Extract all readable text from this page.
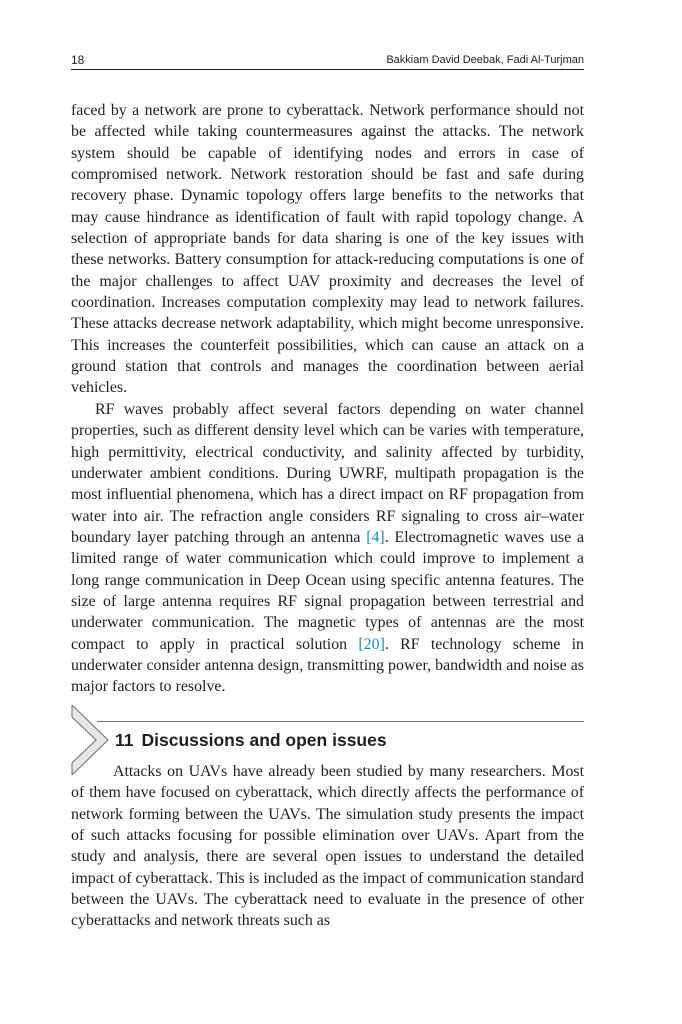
18	Bakkiam David Deebak, Fadi Al-Turjman

faced by a network are prone to cyberattack. Network performance should not be affected while taking countermeasures against the attacks. The network system should be capable of identifying nodes and errors in case of compromised network. Network restoration should be fast and safe during recovery phase. Dynamic topology offers large benefits to the networks that may cause hindrance as identification of fault with rapid topology change. A selection of appropriate bands for data sharing is one of the key issues with these networks. Battery consumption for attack-reducing computations is one of the major challenges to affect UAV proximity and decreases the level of coordination. Increases computation complexity may lead to network failures. These attacks decrease network adaptability, which might become unresponsive. This increases the counterfeit possibilities, which can cause an attack on a ground station that controls and manages the coordination between aerial vehicles.

RF waves probably affect several factors depending on water channel properties, such as different density level which can be varies with temperature, high permittivity, electrical conductivity, and salinity affected by turbidity, underwater ambient conditions. During UWRF, multipath propagation is the most influential phenomena, which has a direct impact on RF propagation from water into air. The refraction angle considers RF signaling to cross air–water boundary layer patching through an antenna [4]. Electromagnetic waves use a limited range of water communication which could improve to implement a long range communication in Deep Ocean using specific antenna features. The size of large antenna requires RF signal propagation between terrestrial and underwater communication. The magnetic types of antennas are the most compact to apply in practical solution [20]. RF technology scheme in underwater consider antenna design, transmitting power, bandwidth and noise as major factors to resolve.

11 Discussions and open issues

Attacks on UAVs have already been studied by many researchers. Most of them have focused on cyberattack, which directly affects the performance of network forming between the UAVs. The simulation study presents the impact of such attacks focusing for possible elimination over UAVs. Apart from the study and analysis, there are several open issues to understand the detailed impact of cyberattack. This is included as the impact of communication standard between the UAVs. The cyberattack need to evaluate in the presence of other cyberattacks and network threats such as
